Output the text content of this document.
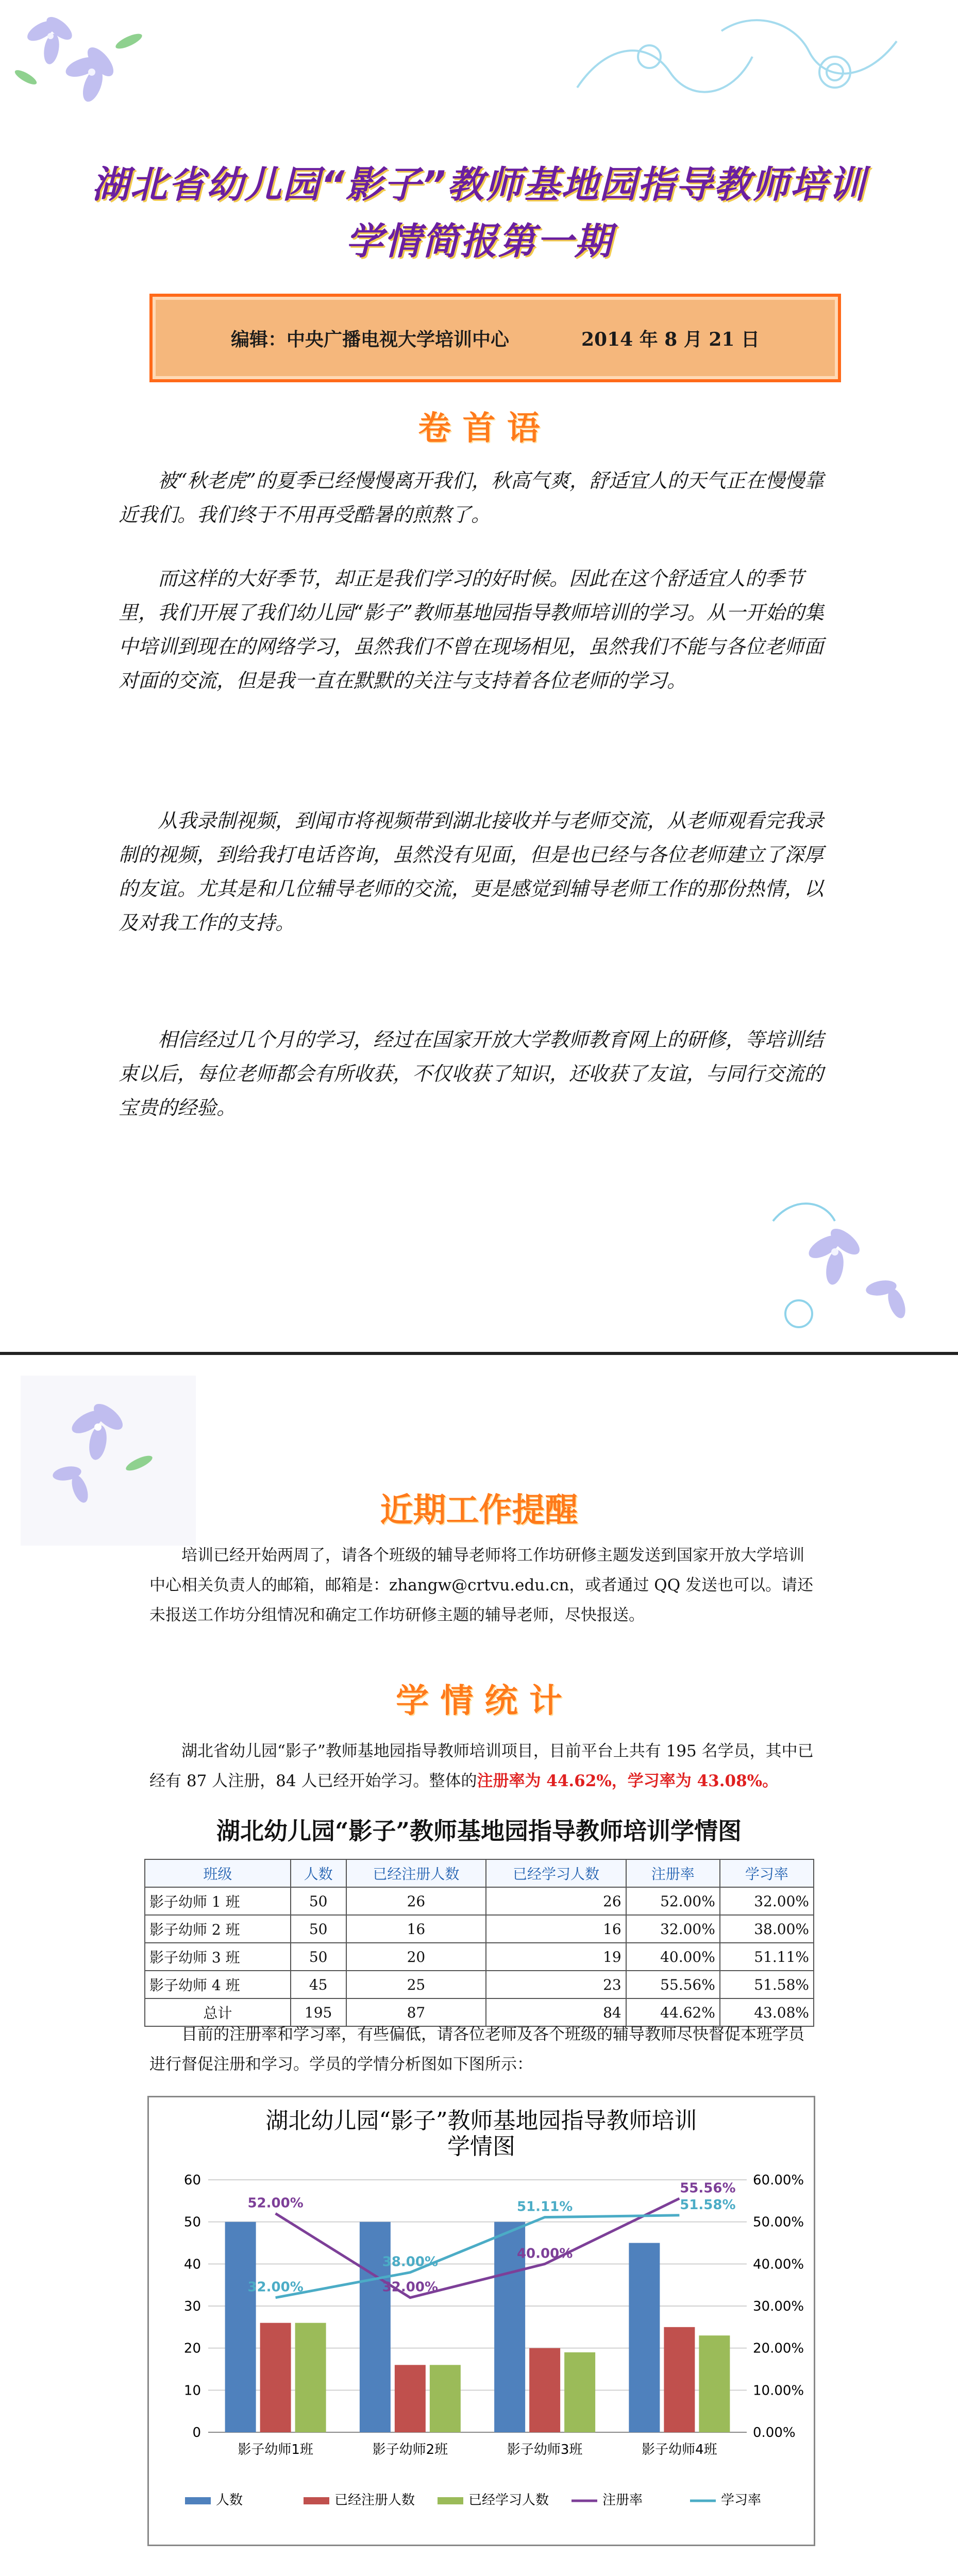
湖北省幼儿园“影子”教师基地园指导教师培训
学情简报第一期
编辑：中央广播电视大学培训中心	2014 年 8 月 21 日
卷 首 语

被“秋老虎”的夏季已经慢慢离开我们，秋高气爽，舒适宜人的天气正在慢慢靠近我们。我们终于不用再受酷暑的煎熬了。

而这样的大好季节，却正是我们学习的好时候。因此在这个舒适宜人的季节里，我们开展了我们幼儿园“影子”教师基地园指导教师培训的学习。从一开始的集中培训到现在的网络学习，虽然我们不曾在现场相见，虽然我们不能与各位老师面对面的交流，但是我一直在默默的关注与支持着各位老师的学习。

从我录制视频，到闻市将视频带到湖北接收并与老师交流，从老师观看完我录制的视频，到给我打电话咨询，虽然没有见面，但是也已经与各位老师建立了深厚的友谊。尤其是和几位辅导老师的交流，更是感觉到辅导老师工作的那份热情，以及对我工作的支持。

相信经过几个月的学习，经过在国家开放大学教师教育网上的研修，等培训结束以后，每位老师都会有所收获，不仅收获了知识，还收获了友谊，与同行交流的宝贵的经验。

近期工作提醒

培训已经开始两周了，请各个班级的辅导老师将工作坊研修主题发送到国家开放大学培训中心相关负责人的邮箱，邮箱是：zhangw@crtvu.edu.cn，或者通过 QQ 发送也可以。请还未报送工作坊分组情况和确定工作坊研修主题的辅导老师，尽快报送。

学 情 统 计

湖北省幼儿园“影子”教师基地园指导教师培训项目，目前平台上共有 195 名学员，其中已经有 87 人注册，84 人已经开始学习。整体的注册率为 44.62%，学习率为 43.08%。

湖北幼儿园“影子”教师基地园指导教师培训学情图
班级	人数	已经注册人数	已经学习人数	注册率	学习率
影子幼师 1 班	50	26	26	52.00%	32.00%
影子幼师 2 班	50	16	16	32.00%	38.00%
影子幼师 3 班	50	20	19	40.00%	51.11%
影子幼师 4 班	45	25	23	55.56%	51.58%
总计	195	87	84	44.62%	43.08%

目前的注册率和学习率，有些偏低，请各位老师及各个班级的辅导教师尽快督促本班学员进行督促注册和学习。学员的学情分析图如下图所示：

湖北幼儿园“影子”教师基地园指导教师培训学情图
52.00%
32.00%
40.00%
55.56%
32.00%
38.00%
51.11%	51.58%
0	0.00%
10	10.00%
20	20.00%
30	30.00%
40	40.00%
50	50.00%
60	60.00%
影子幼师1班	影子幼师2班	影子幼师3班	影子幼师4班
人数	已经注册人数	已经学习人数	注册率	学习率
